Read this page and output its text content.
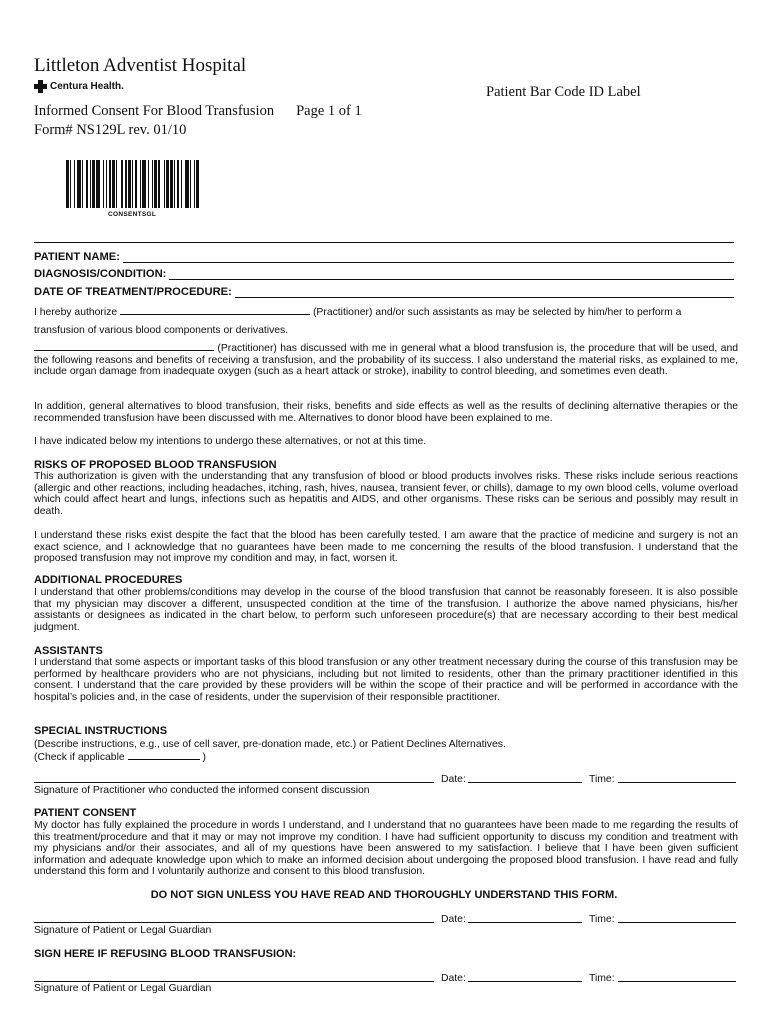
Littleton Adventist Hospital
Centura Health.
Informed Consent For Blood Transfusion Page 1 of 1
Form# NS129L rev. 01/10
Patient Bar Code ID Label
CONSENTSGL
PATIENT NAME:
DIAGNOSIS/CONDITION:
DATE OF TREATMENT/PROCEDURE:

I hereby authorize	(Practitioner) and/or such assistants as may be selected by him/her to perform a

transfusion of various blood components or derivatives.

(Practitioner) has discussed with me in general what a blood transfusion is, the procedure that will be used, and the following reasons and benefits of receiving a transfusion, and the probability of its success. I also understand the material risks, as explained to me, include organ damage from inadequate oxygen (such as a heart attack or stroke), inability to control bleeding, and sometimes even death.

In addition, general alternatives to blood transfusion, their risks, benefits and side effects as well as the results of declining alternative therapies or the recommended transfusion have been discussed with me. Alternatives to donor blood have been explained to me.

I have indicated below my intentions to undergo these alternatives, or not at this time.

RISKS OF PROPOSED BLOOD TRANSFUSION

This authorization is given with the understanding that any transfusion of blood or blood products involves risks. These risks include serious reactions (allergic and other reactions, including headaches, itching, rash, hives, nausea, transient fever, or chills), damage to my own blood cells, volume overload which could affect heart and lungs, infections such as hepatitis and AIDS, and other organisms. These risks can be serious and possibly may result in death.

I understand these risks exist despite the fact that the blood has been carefully tested. I am aware that the practice of medicine and surgery is not an exact science, and I acknowledge that no guarantees have been made to me concerning the results of the blood transfusion. I understand that the proposed transfusion may not improve my condition and may, in fact, worsen it.

ADDITIONAL PROCEDURES

I understand that other problems/conditions may develop in the course of the blood transfusion that cannot be reasonably foreseen. It is also possible that my physician may discover a different, unsuspected condition at the time of the transfusion. I authorize the above named physicians, his/her assistants or designees as indicated in the chart below, to perform such unforeseen procedure(s) that are necessary according to their best medical judgment.

ASSISTANTS

I understand that some aspects or important tasks of this blood transfusion or any other treatment necessary during the course of this transfusion may be performed by healthcare providers who are not physicians, including but not limited to residents, other than the primary practitioner identified in this consent. I understand that the care provided by these providers will be within the scope of their practice and will be performed in accordance with the hospital’s policies and, in the case of residents, under the supervision of their responsible practitioner.

SPECIAL INSTRUCTIONS

(Describe instructions, e.g., use of cell saver, pre-donation made, etc.) or Patient Declines Alternatives.

(Check if applicable	)

Date:	Time:
Signature of Practitioner who conducted the informed consent discussion
PATIENT CONSENT

My doctor has fully explained the procedure in words I understand, and I understand that no guarantees have been made to me regarding the results of this treatment/procedure and that it may or may not improve my condition. I have had sufficient opportunity to discuss my condition and treatment with my physicians and/or their associates, and all of my questions have been answered to my satisfaction. I believe that I have been given sufficient information and adequate knowledge upon which to make an informed decision about undergoing the proposed blood transfusion. I have read and fully understand this form and I voluntarily authorize and consent to this blood transfusion.

DO NOT SIGN UNLESS YOU HAVE READ AND THOROUGHLY UNDERSTAND THIS FORM.
Date:	Time:
Signature of Patient or Legal Guardian
SIGN HERE IF REFUSING BLOOD TRANSFUSION:
Date:	Time:
Signature of Patient or Legal Guardian
